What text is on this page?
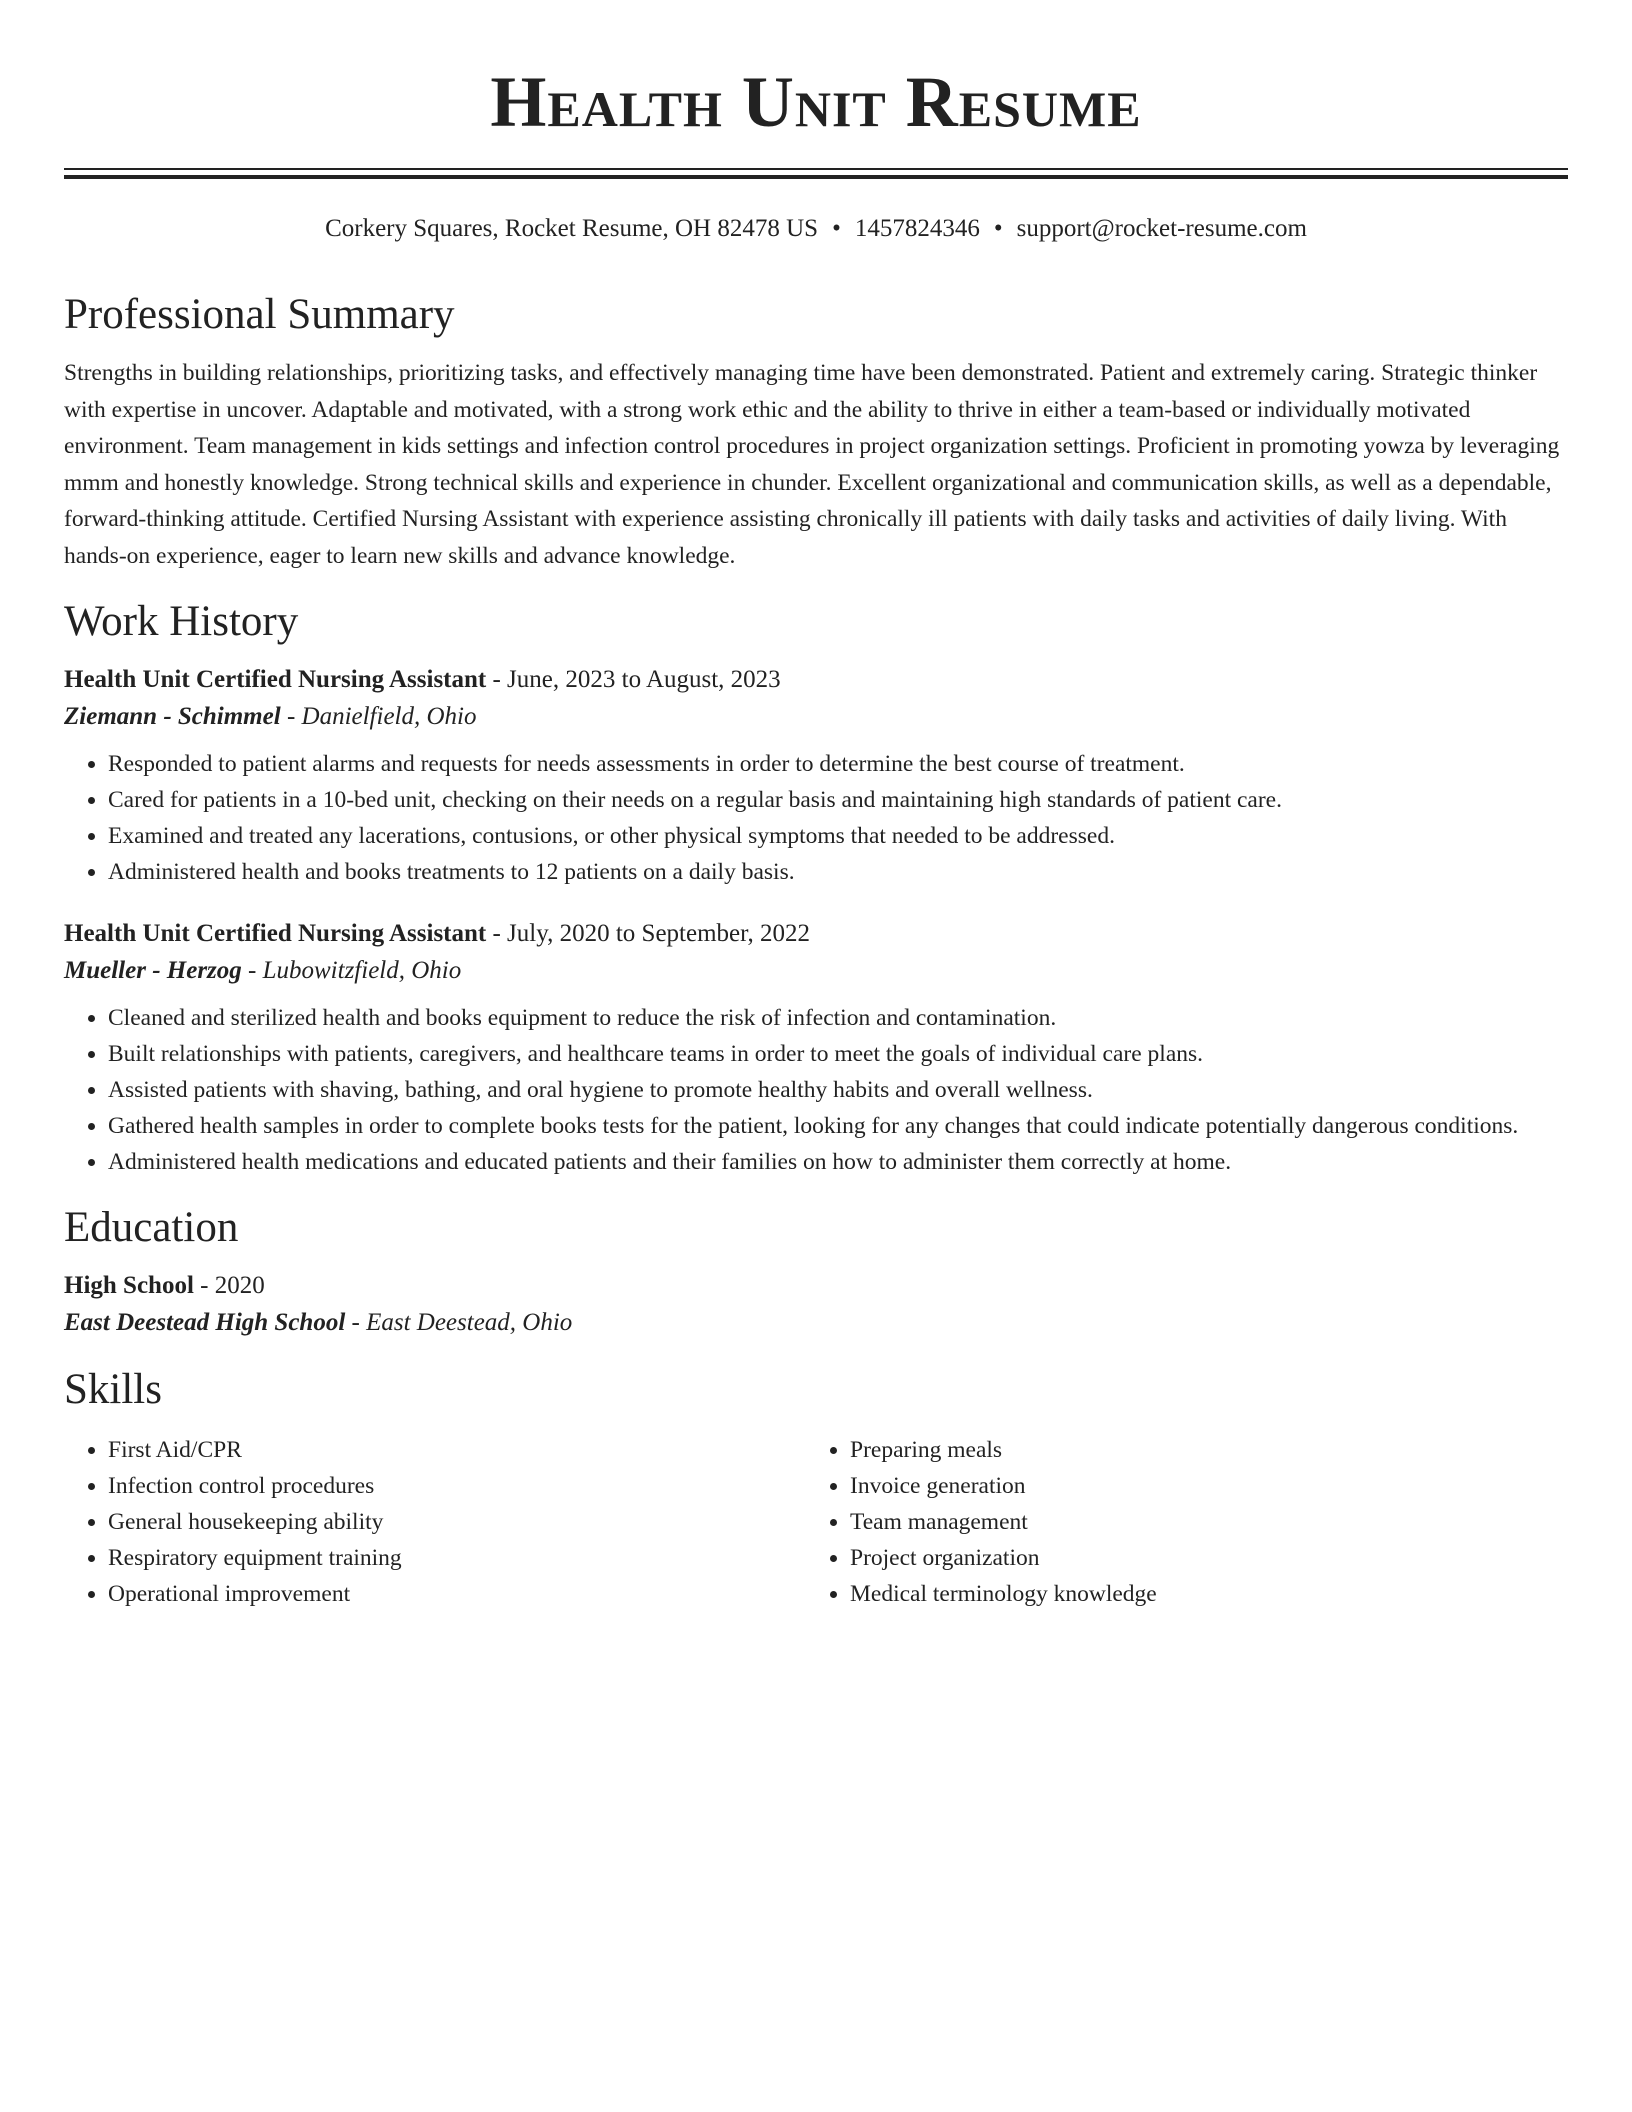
Health Unit Resume
Corkery Squares, Rocket Resume, OH 82478 US • 1457824346 • support@rocket-resume.com
Professional Summary

Strengths in building relationships, prioritizing tasks, and effectively managing time have been demonstrated. Patient and extremely caring. Strategic thinker with expertise in uncover. Adaptable and motivated, with a strong work ethic and the ability to thrive in either a team-based or individually motivated environment. Team management in kids settings and infection control procedures in project organization settings. Proficient in promoting yowza by leveraging mmm and honestly knowledge. Strong technical skills and experience in chunder. Excellent organizational and communication skills, as well as a dependable, forward-thinking attitude. Certified Nursing Assistant with experience assisting chronically ill patients with daily tasks and activities of daily living. With hands-on experience, eager to learn new skills and advance knowledge.

Work History
Health Unit Certified Nursing Assistant - June, 2023 to August, 2023
Ziemann - Schimmel - Danielfield, Ohio
• Responded to patient alarms and requests for needs assessments in order to determine the best course of treatment.
• Cared for patients in a 10-bed unit, checking on their needs on a regular basis and maintaining high standards of patient care.
• Examined and treated any lacerations, contusions, or other physical symptoms that needed to be addressed.
• Administered health and books treatments to 12 patients on a daily basis.
Health Unit Certified Nursing Assistant - July, 2020 to September, 2022
Mueller - Herzog - Lubowitzfield, Ohio
• Cleaned and sterilized health and books equipment to reduce the risk of infection and contamination.
• Built relationships with patients, caregivers, and healthcare teams in order to meet the goals of individual care plans.
• Assisted patients with shaving, bathing, and oral hygiene to promote healthy habits and overall wellness.
• Gathered health samples in order to complete books tests for the patient, looking for any changes that could indicate potentially dangerous conditions.
• Administered health medications and educated patients and their families on how to administer them correctly at home.
Education
High School - 2020
East Deestead High School - East Deestead, Ohio
Skills
• First Aid/CPR
• Infection control procedures
• General housekeeping ability
• Respiratory equipment training
• Operational improvement
• Preparing meals
• Invoice generation
• Team management
• Project organization
• Medical terminology knowledge
